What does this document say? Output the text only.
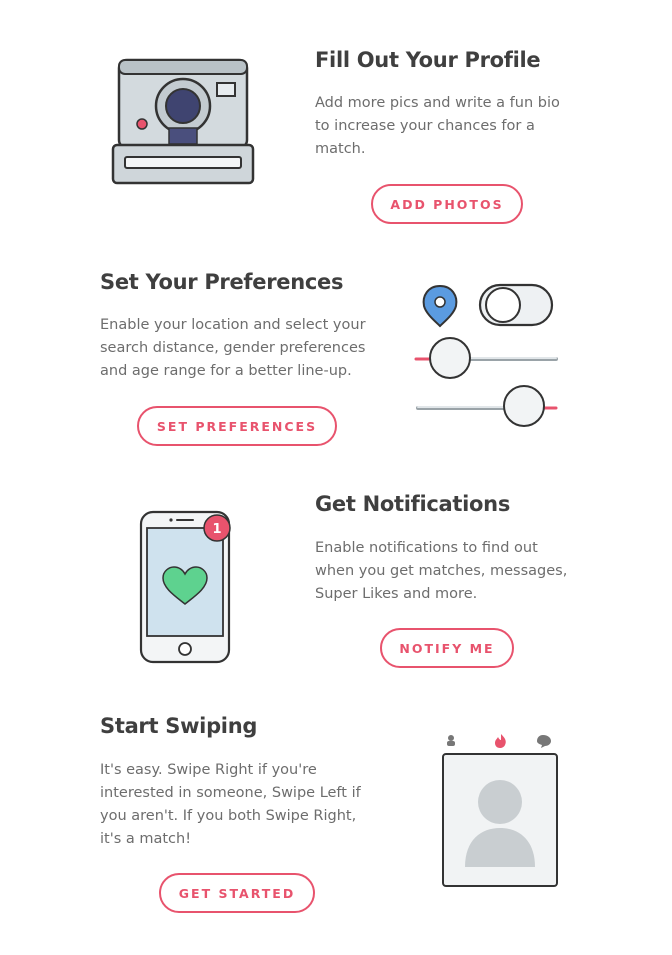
Fill Out Your Profile
Add more pics and write a fun bio
to increase your chances for a
match.
ADD PHOTOS
Set Your Preferences
Enable your location and select your
search distance, gender preferences
and age range for a better line-up.
SET PREFERENCES
1
Get Notifications
Enable notifications to find out
when you get matches, messages,
Super Likes and more.
NOTIFY ME
Start Swiping
It's easy. Swipe Right if you're
interested in someone, Swipe Left if
you aren't. If you both Swipe Right,
it's a match!
GET STARTED
